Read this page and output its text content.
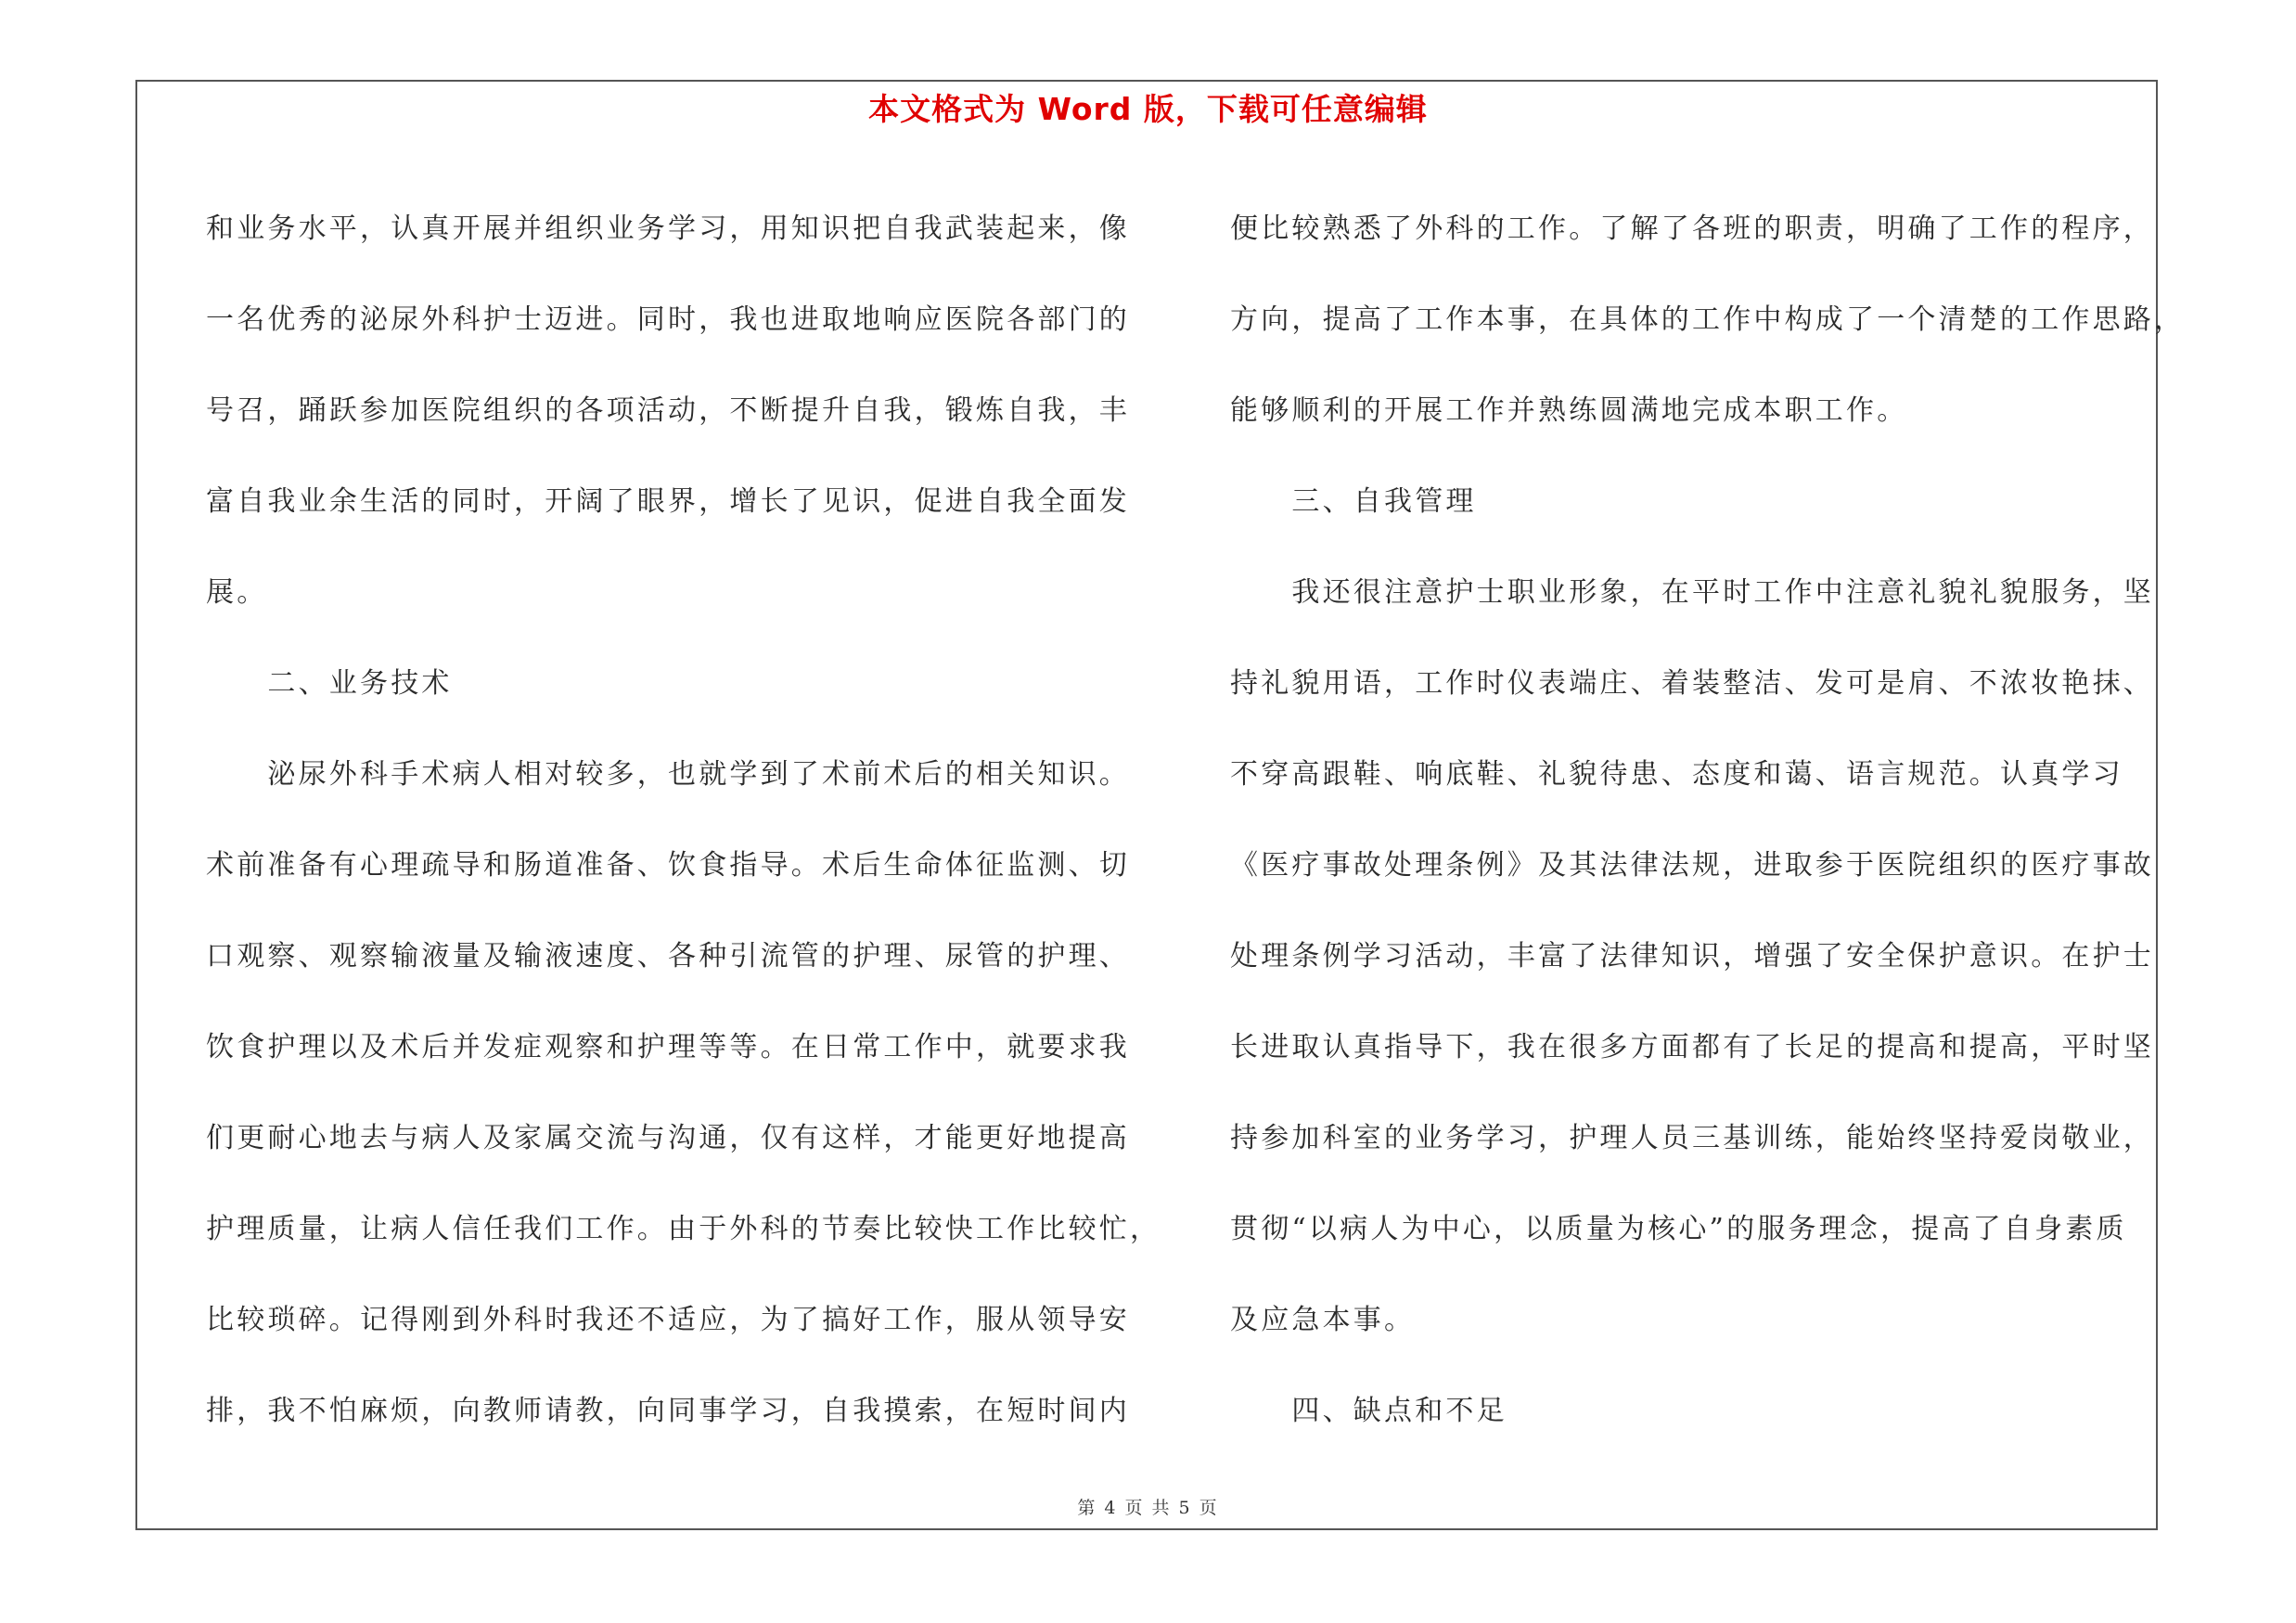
本文格式为 Word 版，下载可任意编辑
和业务水平，认真开展并组织业务学习，用知识把自我武装起来，像
一名优秀的泌尿外科护士迈进。同时，我也进取地响应医院各部门的
号召，踊跃参加医院组织的各项活动，不断提升自我，锻炼自我，丰
富自我业余生活的同时，开阔了眼界，增长了见识，促进自我全面发
展。
　　二、业务技术
　　泌尿外科手术病人相对较多，也就学到了术前术后的相关知识。
术前准备有心理疏导和肠道准备、饮食指导。术后生命体征监测、切
口观察、观察输液量及输液速度、各种引流管的护理、尿管的护理、
饮食护理以及术后并发症观察和护理等等。在日常工作中，就要求我
们更耐心地去与病人及家属交流与沟通，仅有这样，才能更好地提高
护理质量，让病人信任我们工作。由于外科的节奏比较快工作比较忙，
比较琐碎。记得刚到外科时我还不适应，为了搞好工作，服从领导安
排，我不怕麻烦，向教师请教，向同事学习，自我摸索，在短时间内
便比较熟悉了外科的工作。了解了各班的职责，明确了工作的程序，
方向，提高了工作本事，在具体的工作中构成了一个清楚的工作思路，
能够顺利的开展工作并熟练圆满地完成本职工作。
　　三、自我管理
　　我还很注意护士职业形象，在平时工作中注意礼貌礼貌服务，坚
持礼貌用语，工作时仪表端庄、着装整洁、发可是肩、不浓妆艳抹、
不穿高跟鞋、响底鞋、礼貌待患、态度和蔼、语言规范。认真学习
《医疗事故处理条例》及其法律法规，进取参于医院组织的医疗事故
处理条例学习活动，丰富了法律知识，增强了安全保护意识。在护士
长进取认真指导下，我在很多方面都有了长足的提高和提高，平时坚
持参加科室的业务学习，护理人员三基训练，能始终坚持爱岗敬业，
贯彻“以病人为中心，以质量为核心”的服务理念，提高了自身素质
及应急本事。
　　四、缺点和不足
第 4 页 共 5 页
